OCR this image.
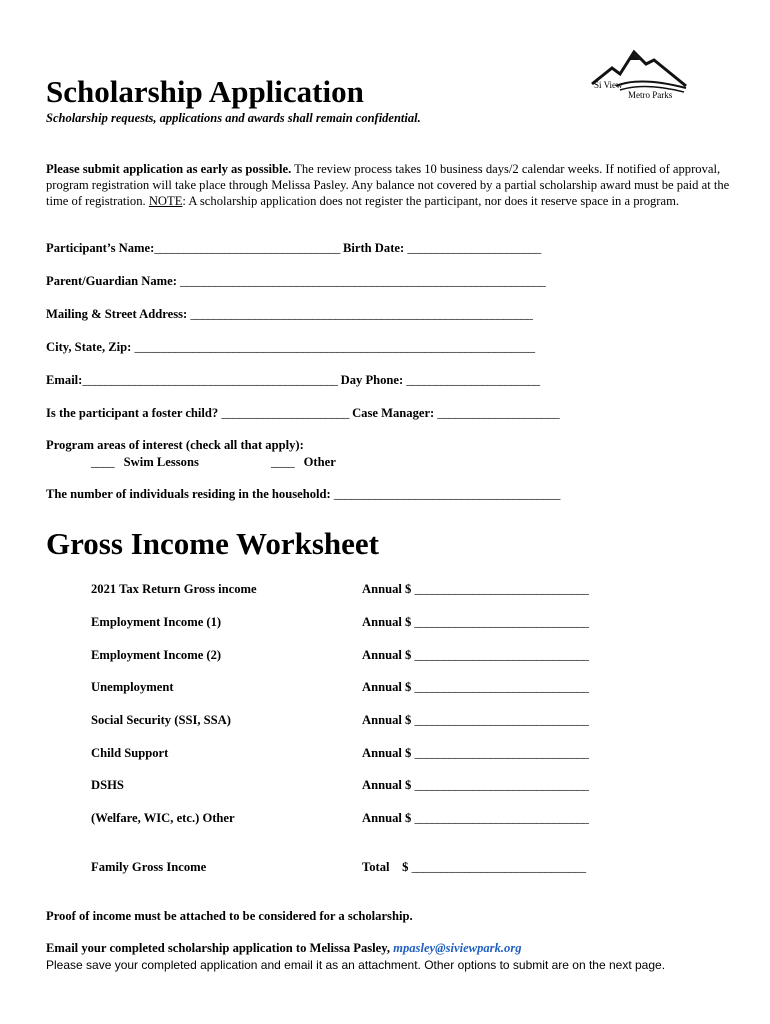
Si View
Metro Parks
Scholarship Application
Scholarship requests, applications and awards shall remain confidential.
Please submit application as early as possible. The review process takes 10 business days/2 calendar weeks. If notified of approval, program registration will take place through Melissa Pasley. Any balance not covered by a partial scholarship award must be paid at the time of registration. NOTE: A scholarship application does not register the participant, nor does it reserve space in a program.
Participant’s Name:________________________________ Birth Date: _______________________
Parent/Guardian Name: _______________________________________________________________
Mailing & Street Address: ___________________________________________________________
City, State, Zip: _____________________________________________________________________
Email:____________________________________________ Day Phone: _______________________
Is the participant a foster child? ______________________ Case Manager: _____________________
Program areas of interest (check all that apply):
____ Swim Lessons	____ Other
The number of individuals residing in the household: _______________________________________
Gross Income Worksheet
2021 Tax Return Gross income	Annual $ ______________________________
Employment Income (1)	Annual $ ______________________________
Employment Income (2)	Annual $ ______________________________
Unemployment	Annual $ ______________________________
Social Security (SSI, SSA)	Annual $ ______________________________
Child Support	Annual $ ______________________________
DSHS	Annual $ ______________________________
(Welfare, WIC, etc.) Other	Annual $ ______________________________
Family Gross Income	Total $ ______________________________
Proof of income must be attached to be considered for a scholarship.
Email your completed scholarship application to Melissa Pasley, mpasley@siviewpark.org
Please save your completed application and email it as an attachment. Other options to submit are on the next page.
